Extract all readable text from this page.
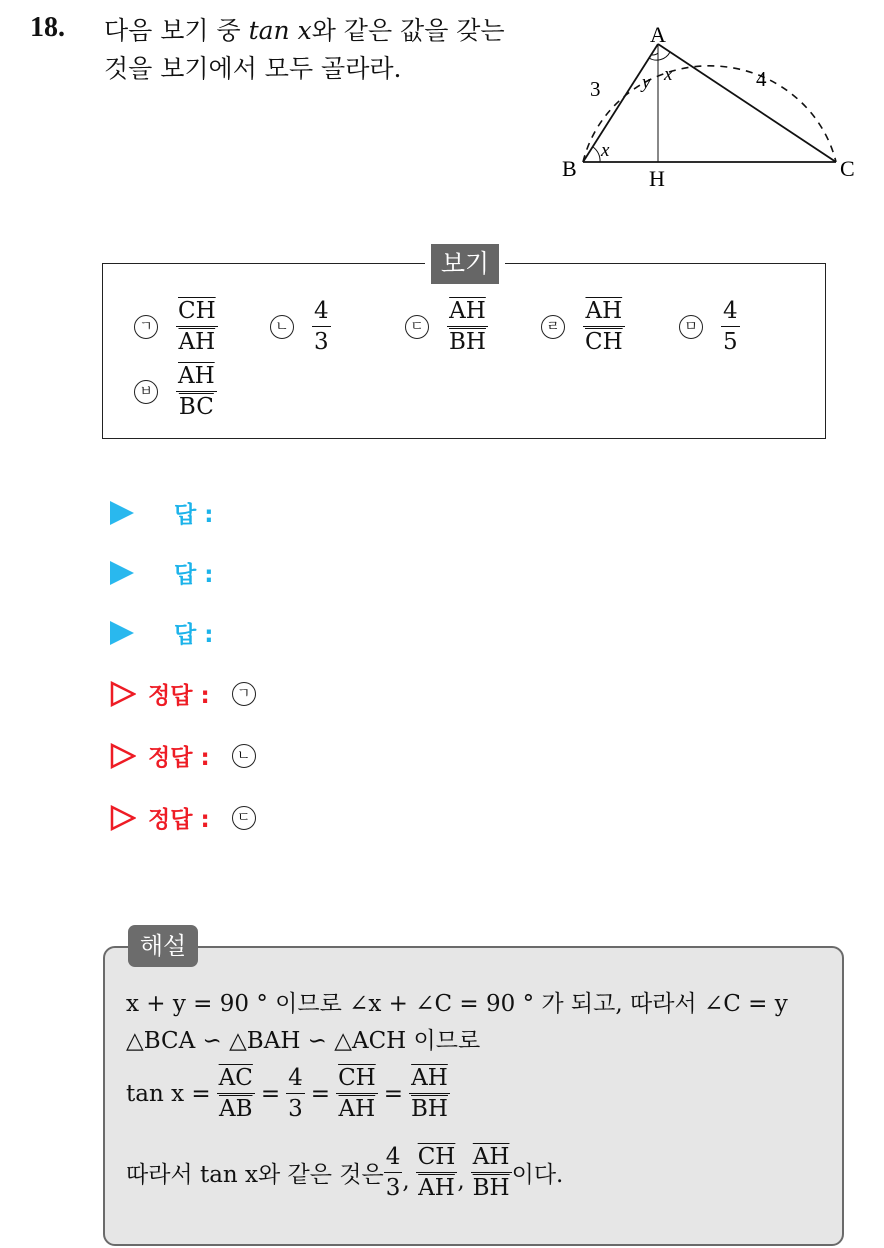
18. 다음 보기 중 tan x와 같은 값을 갖는
것을 보기에서 모두 골라라.
A
B	C
H
3	4
x
y x
보기
ㄱ $\frac{\overline{CH}}{AH}$	ㄴ $\frac{4}{3}$	ㄷ $\frac{\overline{AH}}{BH}$	ㄹ $\frac{\overline{AH}}{CH}$	ㅁ $\frac{4}{5}$
ㅂ $\frac{\overline{AH}}{BC}$
답 :
답 :
답 :
정답 :	ㄱ
정답 :	ㄴ
정답 :	ㄷ
해설
x + y = 90 ° 이므로 ∠x + ∠C = 90 ° 가 되고, 따라서 ∠C = y
△BCA ∽ △BAH ∽ △ACH 이므로
$\tan x = \frac{\overline{AC}}{AB} = \frac{4}{3} = \frac{\overline{CH}}{AH} = \frac{\overline{AH}}{BH}$
따라서 tan x와 같은 것은 $\frac{4}{3}$ , $\frac{\overline{CH}}{AH}$ , $\frac{\overline{AH}}{BH}$ 이다.
